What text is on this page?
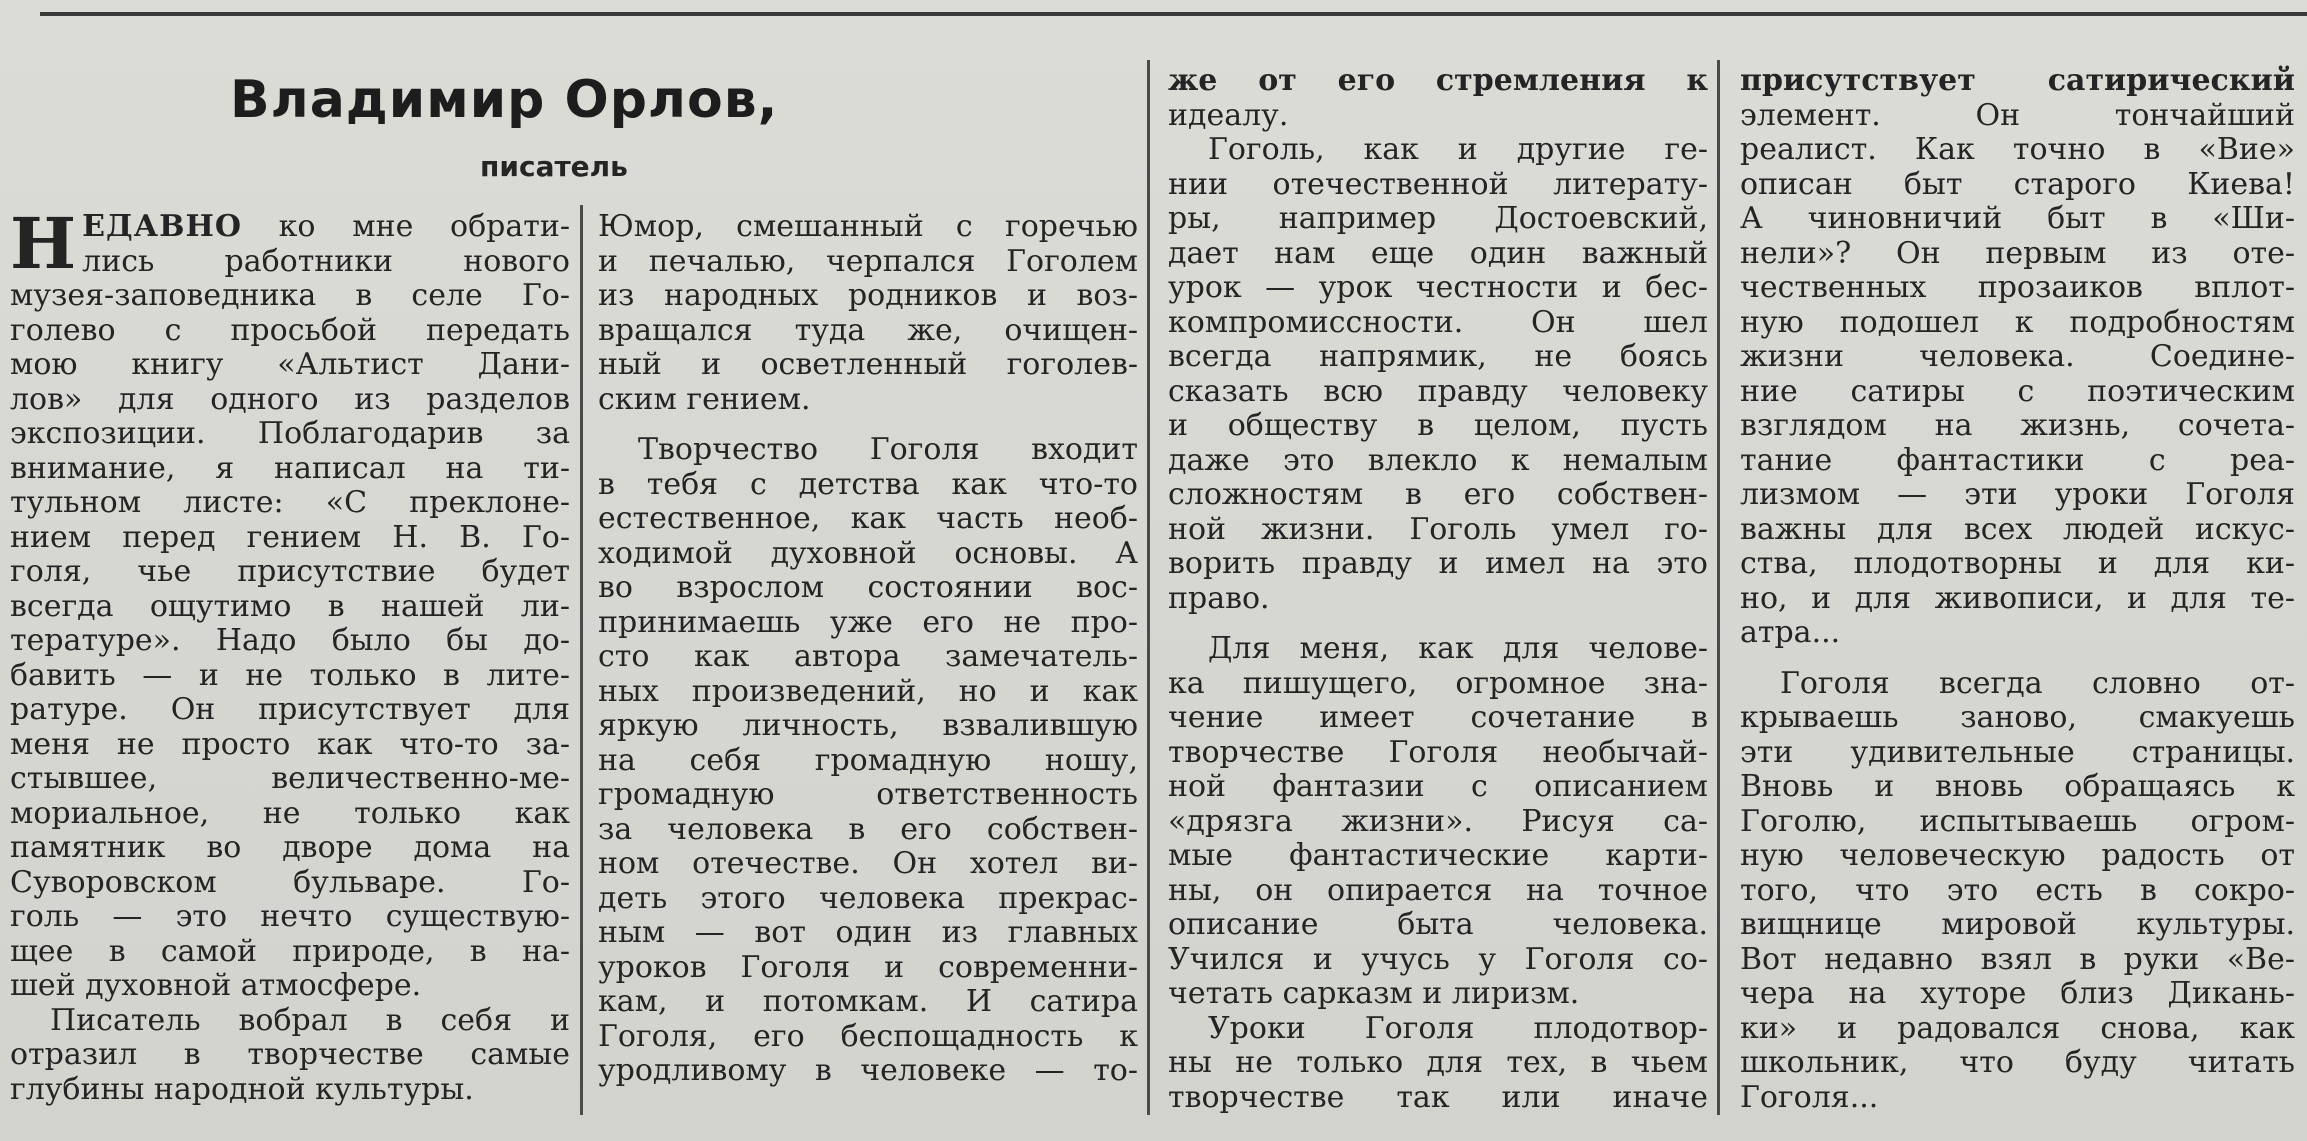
Владимир Орлов,
писатель
Н ЕДАВНО ко мне обрати-
лись работники нового
музея-заповедника в селе Го-
голево с просьбой передать
мою книгу «Альтист Дани-
лов» для одного из разделов
экспозиции. Поблагодарив за
внимание, я написал на ти-
тульном листе: «С преклоне-
нием перед гением Н. В. Го-
голя, чье присутствие будет
всегда ощутимо в нашей ли-
тературе». Надо было бы до-
бавить — и не только в лите-
ратуре. Он присутствует для
меня не просто как что-то за-
стывшее, величественно-ме-
мориальное, не только как
памятник во дворе дома на
Суворовском бульваре. Го-
голь — это нечто существую-
щее в самой природе, в на-
шей духовной атмосфере.
Писатель вобрал в себя и
отразил в творчестве самые
глубины народной культуры.
Юмор, смешанный с горечью
и печалью, черпался Гоголем
из народных родников и воз-
вращался туда же, очищен-
ный и осветленный гоголев-
ским гением.
Творчество Гоголя входит
в тебя с детства как что-то
естественное, как часть необ-
ходимой духовной основы. А
во взрослом состоянии вос-
принимаешь уже его не про-
сто как автора замечатель-
ных произведений, но и как
яркую личность, взвалившую
на себя громадную ношу,
громадную ответственность
за человека в его собствен-
ном отечестве. Он хотел ви-
деть этого человека прекрас-
ным — вот один из главных
уроков Гоголя и современни-
кам, и потомкам. И сатира
Гоголя, его беспощадность к
уродливому в человеке — то-
же от его стремления к
идеалу.
Гоголь, как и другие ге-
нии отечественной литерату-
ры, например Достоевский,
дает нам еще один важный
урок — урок честности и бес-
компромиссности. Он шел
всегда напрямик, не боясь
сказать всю правду человеку
и обществу в целом, пусть
даже это влекло к немалым
сложностям в его собствен-
ной жизни. Гоголь умел го-
ворить правду и имел на это
право.
Для меня, как для челове-
ка пишущего, огромное зна-
чение имеет сочетание в
творчестве Гоголя необычай-
ной фантазии с описанием
«дрязга жизни». Рисуя са-
мые фантастические карти-
ны, он опирается на точное
описание быта человека.
Учился и учусь у Гоголя со-
четать сарказм и лиризм.
Уроки Гоголя плодотвор-
ны не только для тех, в чьем
творчестве так или иначе
присутствует сатирический
элемент. Он тончайший
реалист. Как точно в «Вие»
описан быт старого Киева!
А чиновничий быт в «Ши-
нели»? Он первым из оте-
чественных прозаиков вплот-
ную подошел к подробностям
жизни человека. Соедине-
ние сатиры с поэтическим
взглядом на жизнь, сочета-
тание фантастики с реа-
лизмом — эти уроки Гоголя
важны для всех людей искус-
ства, плодотворны и для ки-
но, и для живописи, и для те-
атра...
Гоголя всегда словно от-
крываешь заново, смакуешь
эти удивительные страницы.
Вновь и вновь обращаясь к
Гоголю, испытываешь огром-
ную человеческую радость от
того, что это есть в сокро-
вищнице мировой культуры.
Вот недавно взял в руки «Ве-
чера на хуторе близ Дикань-
ки» и радовался снова, как
школьник, что буду читать
Гоголя...
